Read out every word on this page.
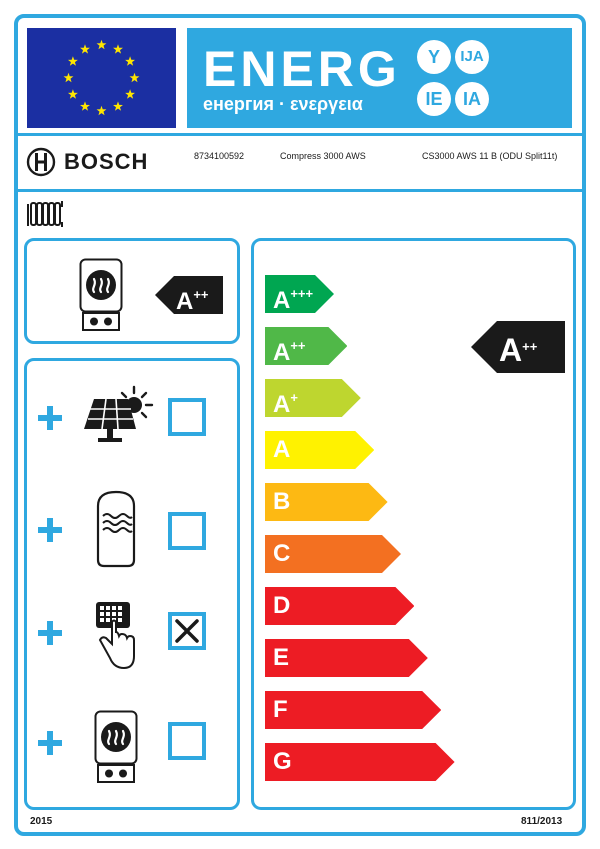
ENERG
енергия · ενεργεια
Y	IJA
IE	IA
BOSCH	8734100592	Compress 3000 AWS	CS3000 AWS 11 B (ODU Split11t)
A++	A+++
A++
A+
A
B
C
D
E
F
G
A++
2015	811/2013
